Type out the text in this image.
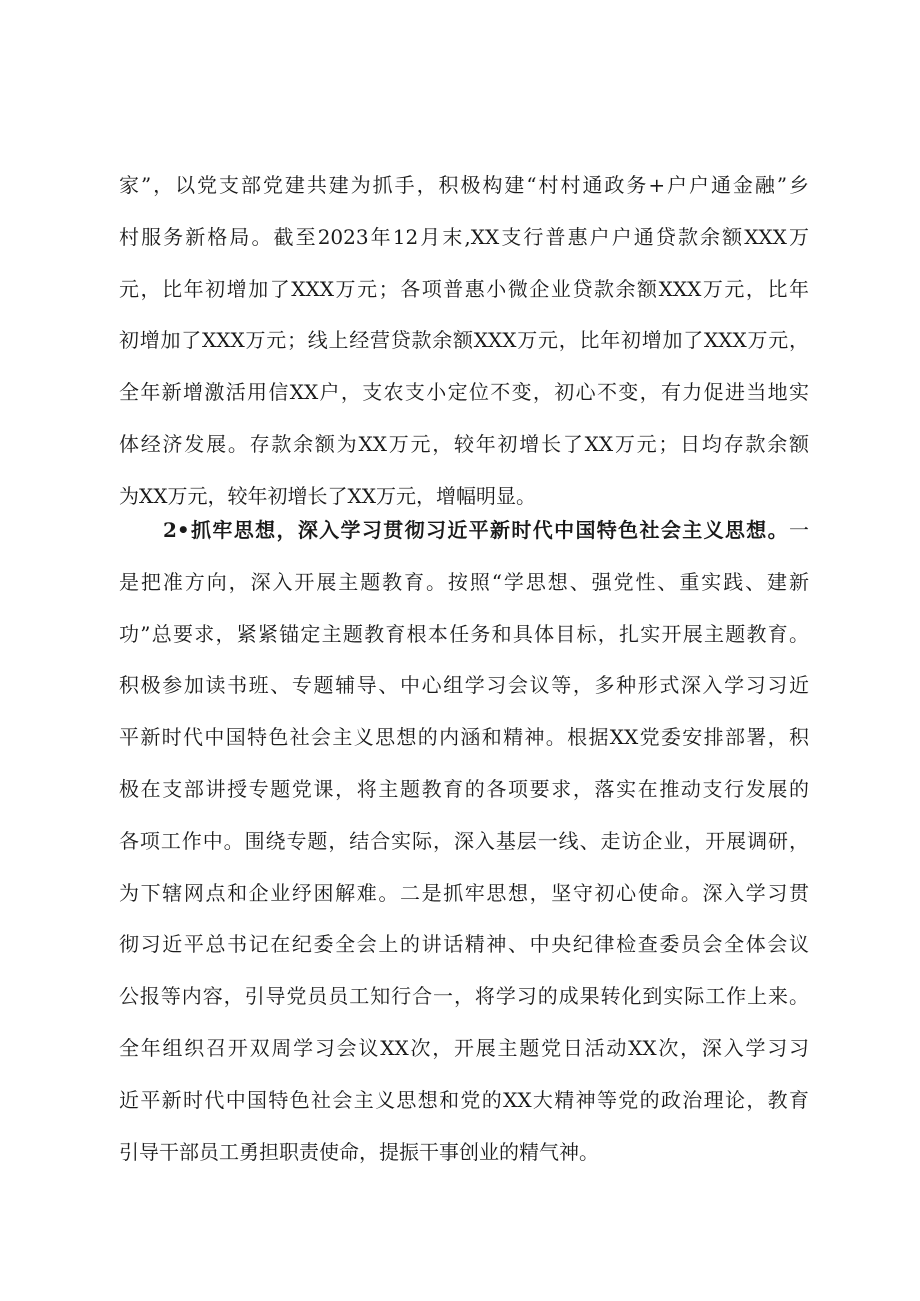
家”，以党支部党建共建为抓手，积极构建“村村通政务+户户通金融”乡
村服务新格局。截至2023年12月末,XX支行普惠户户通贷款余额XXX万
元，比年初增加了XXX万元；各项普惠小微企业贷款余额XXX万元，比年
初增加了XXX万元；线上经营贷款余额XXX万元，比年初增加了XXX万元，
全年新增激活用信XX户，支农支小定位不变，初心不变，有力促进当地实
体经济发展。存款余额为XX万元，较年初增长了XX万元；日均存款余额
为XX万元，较年初增长了XX万元，增幅明显。
2•抓牢思想，深入学习贯彻习近平新时代中国特色社会主义思想。一
是把准方向，深入开展主题教育。按照“学思想、强党性、重实践、建新
功”总要求，紧紧锚定主题教育根本任务和具体目标，扎实开展主题教育。
积极参加读书班、专题辅导、中心组学习会议等，多种形式深入学习习近
平新时代中国特色社会主义思想的内涵和精神。根据XX党委安排部署，积
极在支部讲授专题党课，将主题教育的各项要求，落实在推动支行发展的
各项工作中。围绕专题，结合实际，深入基层一线、走访企业，开展调研，
为下辖网点和企业纾困解难。二是抓牢思想，坚守初心使命。深入学习贯
彻习近平总书记在纪委全会上的讲话精神、中央纪律检查委员会全体会议
公报等内容，引导党员员工知行合一，将学习的成果转化到实际工作上来。
全年组织召开双周学习会议XX次，开展主题党日活动XX次，深入学习习
近平新时代中国特色社会主义思想和党的XX大精神等党的政治理论，教育
引导干部员工勇担职责使命，提振干事创业的精气神。
